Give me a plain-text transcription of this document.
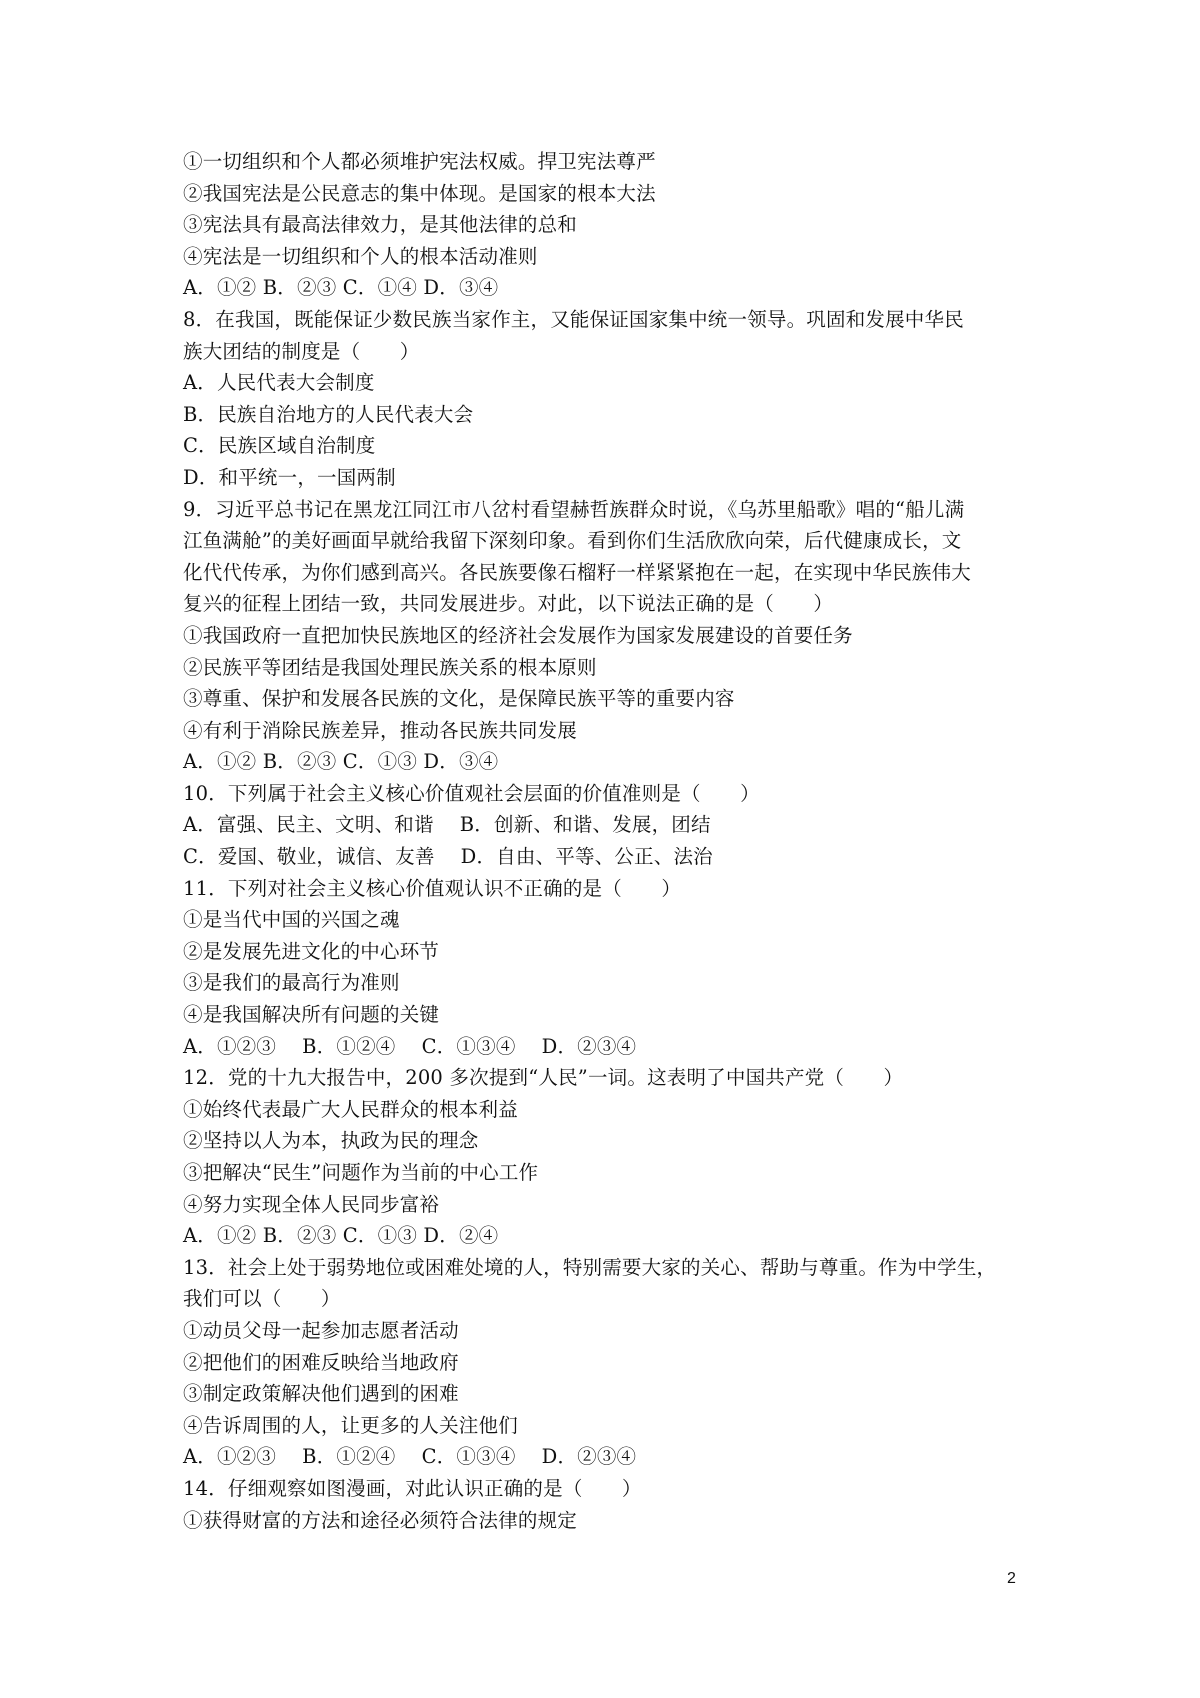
①一切组织和个人都必须堆护宪法权威。捍卫宪法尊严
②我国宪法是公民意志的集中体现。是国家的根本大法
③宪法具有最高法律效力，是其他法律的总和
④宪法是一切组织和个人的根本活动准则
A．①② B．②③ C．①④ D．③④
8．在我国，既能保证少数民族当家作主，又能保证国家集中统一领导。巩固和发展中华民
族大团结的制度是（　　）
A．人民代表大会制度
B．民族自治地方的人民代表大会
C．民族区域自治制度
D．和平统一，一国两制
9．习近平总书记在黑龙江同江市八岔村看望赫哲族群众时说，《乌苏里船歌》唱的“船儿满
江鱼满舱”的美好画面早就给我留下深刻印象。看到你们生活欣欣向荣，后代健康成长，文
化代代传承，为你们感到高兴。各民族要像石榴籽一样紧紧抱在一起，在实现中华民族伟大
复兴的征程上团结一致，共同发展进步。对此，以下说法正确的是（　　）
①我国政府一直把加快民族地区的经济社会发展作为国家发展建设的首要任务
②民族平等团结是我国处理民族关系的根本原则
③尊重、保护和发展各民族的文化，是保障民族平等的重要内容
④有利于消除民族差异，推动各民族共同发展
A．①② B．②③ C．①③ D．③④
10．下列属于社会主义核心价值观社会层面的价值准则是（　　）
A．富强、民主、文明、和谐　 B．创新、和谐、发展，团结
C．爱国、敬业，诚信、友善　 D．自由、平等、公正、法治
11．下列对社会主义核心价值观认识不正确的是（　　）
①是当代中国的兴国之魂
②是发展先进文化的中心环节
③是我们的最高行为准则
④是我国解决所有问题的关键
A．①②③　 B．①②④　 C．①③④　 D．②③④
12．党的十九大报告中，200 多次提到“人民”一词。这表明了中国共产党（　　）
①始终代表最广大人民群众的根本利益
②坚持以人为本，执政为民的理念
③把解决“民生”问题作为当前的中心工作
④努力实现全体人民同步富裕
A．①② B．②③ C．①③ D．②④
13．社会上处于弱势地位或困难处境的人，特别需要大家的关心、帮助与尊重。作为中学生，
我们可以（　　）
①动员父母一起参加志愿者活动
②把他们的困难反映给当地政府
③制定政策解决他们遇到的困难
④告诉周围的人，让更多的人关注他们
A．①②③　 B．①②④　 C．①③④　 D．②③④
14．仔细观察如图漫画，对此认识正确的是（　　）
①获得财富的方法和途径必须符合法律的规定
2
